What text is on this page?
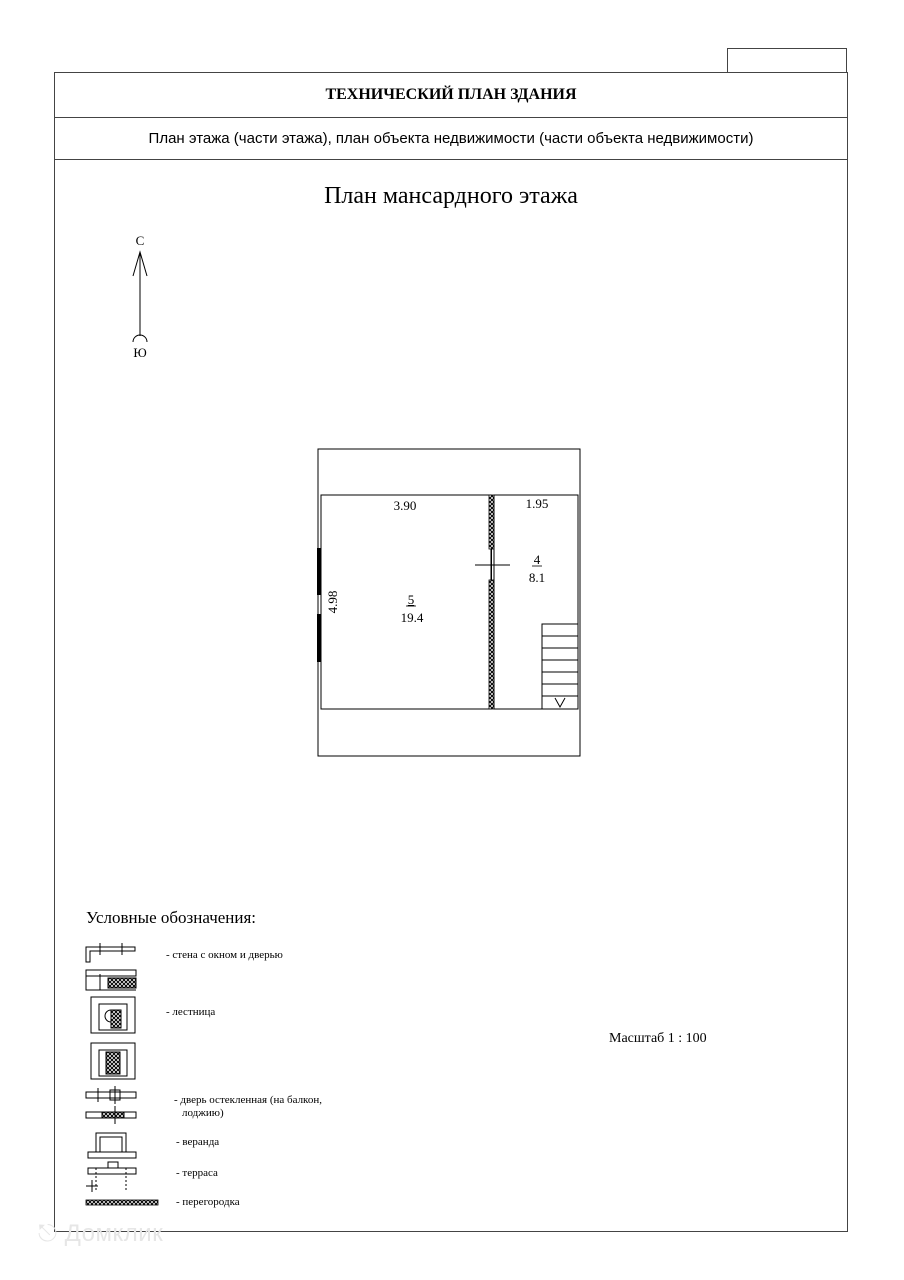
ТЕХНИЧЕСКИЙ ПЛАН ЗДАНИЯ
План этажа (части этажа), план объекта недвижимости (части объекта недвижимости)
План мансардного этажа
С
Ю
3.90	1.95
4.98	5
19.4
4
8.1
Условные обозначения:
- стена с окном и дверью
- лестница
- дверь остекленная (на балкон,
лоджию)
- веранда
- терраса
- перегородка
Масштаб 1 : 100
⎋ Домклик
